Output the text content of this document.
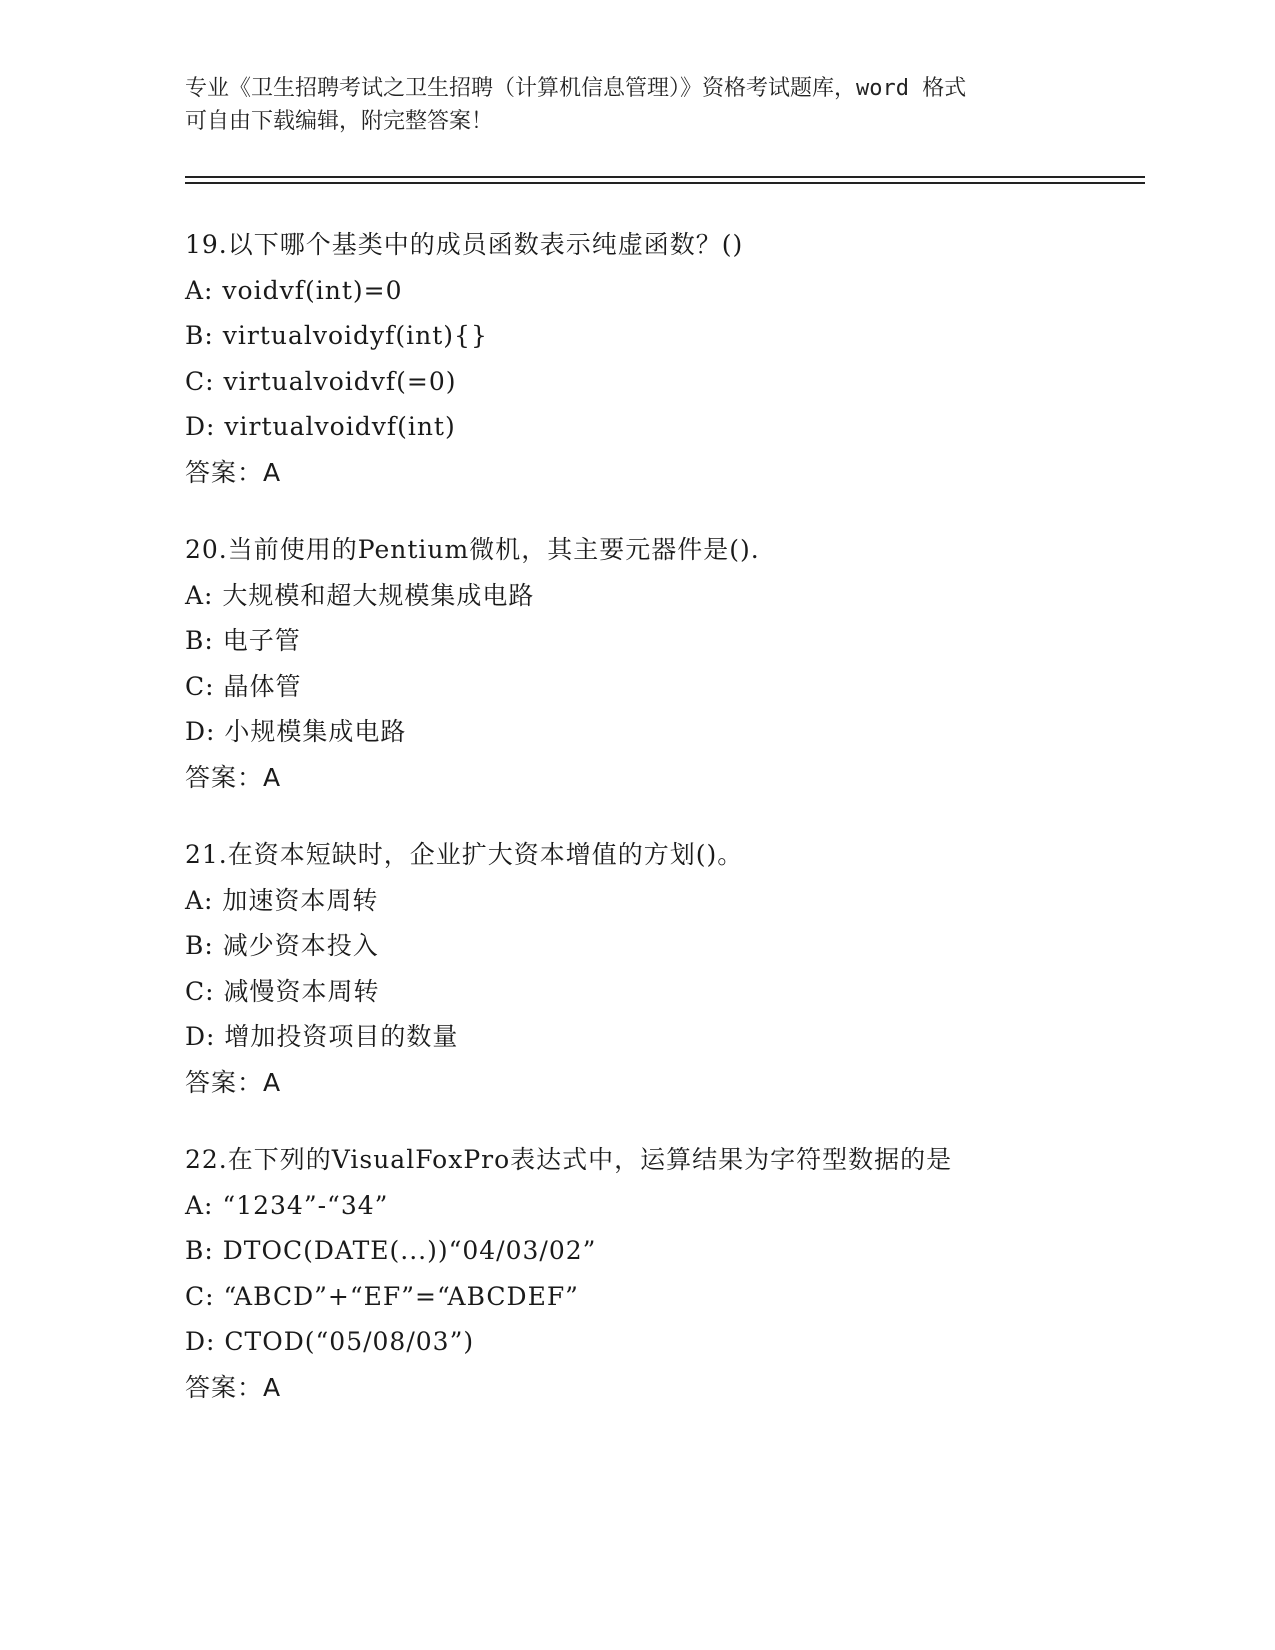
专业《卫生招聘考试之卫生招聘（计算机信息管理）》资格考试题库，word 格式
可自由下载编辑，附完整答案！
19.以下哪个基类中的成员函数表示纯虚函数？()
A: voidvf(int)=0
B: virtualvoidyf(int){}
C: virtualvoidvf(=0)
D: virtualvoidvf(int)
答案：A
20.当前使用的Pentium微机，其主要元器件是().
A: 大规模和超大规模集成电路
B: 电子管
C: 晶体管
D: 小规模集成电路
答案：A
21.在资本短缺时，企业扩大资本增值的方划()。
A: 加速资本周转
B: 减少资本投入
C: 减慢资本周转
D: 增加投资项目的数量
答案：A
22.在下列的VisualFoxPro表达式中，运算结果为字符型数据的是
A: “1234”-“34”
B: DTOC(DATE(...))“04/03/02”
C: “ABCD”+“EF”=“ABCDEF”
D: CTOD(“05/08/03”)
答案：A
